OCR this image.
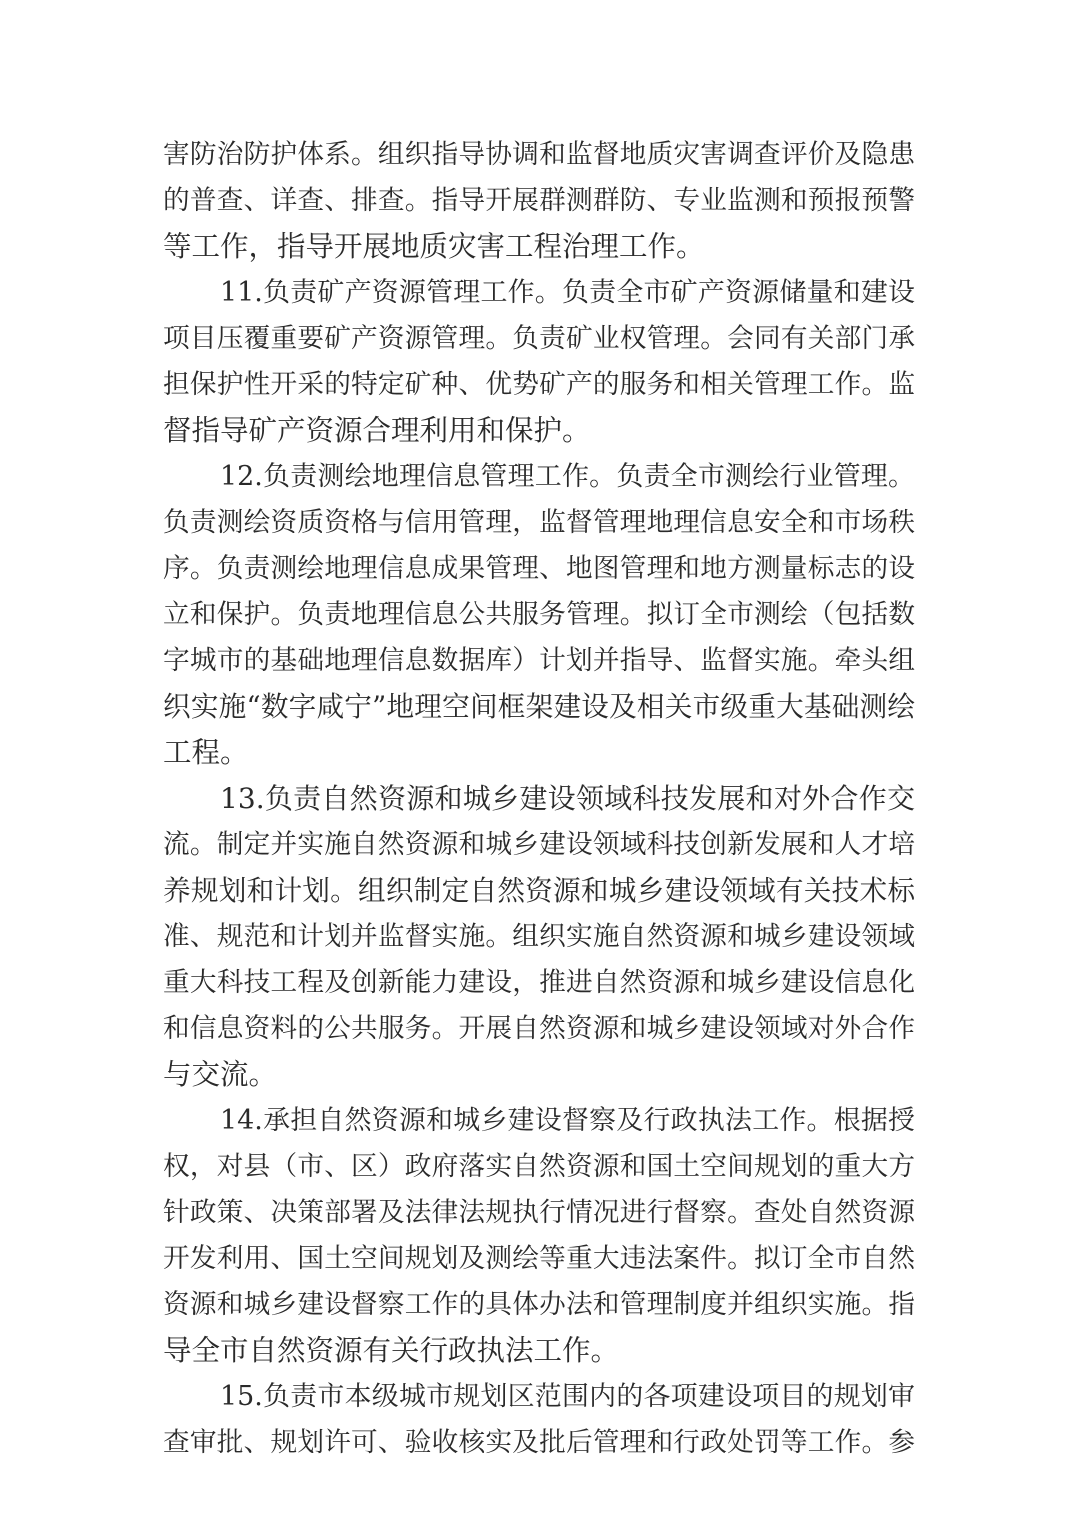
害防治防护体系。组织指导协调和监督地质灾害调查评价及隐患
的普查、详查、排查。指导开展群测群防、专业监测和预报预警
等工作，指导开展地质灾害工程治理工作。
11.负责矿产资源管理工作。负责全市矿产资源储量和建设
项目压覆重要矿产资源管理。负责矿业权管理。会同有关部门承
担保护性开采的特定矿种、优势矿产的服务和相关管理工作。监
督指导矿产资源合理利用和保护。
12.负责测绘地理信息管理工作。负责全市测绘行业管理。
负责测绘资质资格与信用管理，监督管理地理信息安全和市场秩
序。负责测绘地理信息成果管理、地图管理和地方测量标志的设
立和保护。负责地理信息公共服务管理。拟订全市测绘（包括数
字城市的基础地理信息数据库）计划并指导、监督实施。牵头组
织实施“数字咸宁”地理空间框架建设及相关市级重大基础测绘
工程。
13.负责自然资源和城乡建设领域科技发展和对外合作交
流。制定并实施自然资源和城乡建设领域科技创新发展和人才培
养规划和计划。组织制定自然资源和城乡建设领域有关技术标
准、规范和计划并监督实施。组织实施自然资源和城乡建设领域
重大科技工程及创新能力建设，推进自然资源和城乡建设信息化
和信息资料的公共服务。开展自然资源和城乡建设领域对外合作
与交流。
14.承担自然资源和城乡建设督察及行政执法工作。根据授
权，对县（市、区）政府落实自然资源和国土空间规划的重大方
针政策、决策部署及法律法规执行情况进行督察。查处自然资源
开发利用、国土空间规划及测绘等重大违法案件。拟订全市自然
资源和城乡建设督察工作的具体办法和管理制度并组织实施。指
导全市自然资源有关行政执法工作。
15.负责市本级城市规划区范围内的各项建设项目的规划审
查审批、规划许可、验收核实及批后管理和行政处罚等工作。参
